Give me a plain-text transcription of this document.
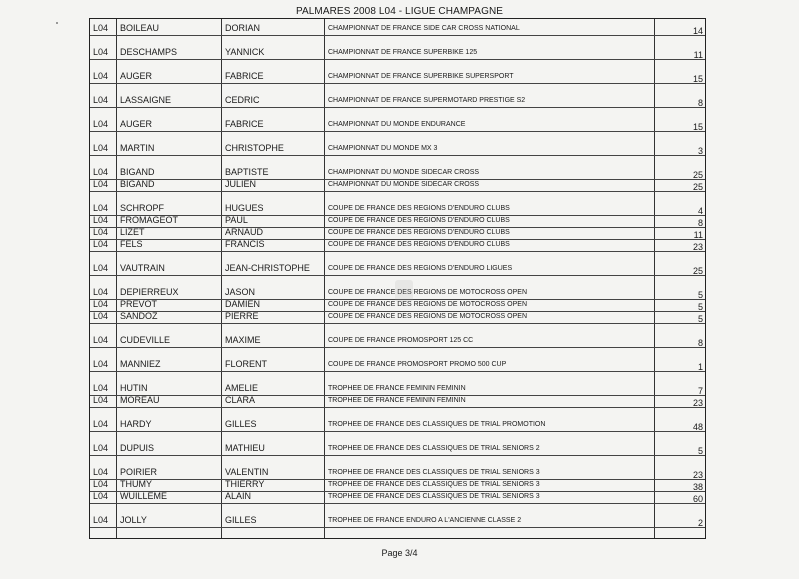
PALMARES 2008 L04 - LIGUE CHAMPAGNE
L04 BOILEAU	DORIAN	CHAMPIONNAT DE FRANCE SIDE CAR CROSS NATIONAL	14
L04 DESCHAMPS	YANNICK	CHAMPIONNAT DE FRANCE SUPERBIKE 125	11
L04 AUGER	FABRICE	CHAMPIONNAT DE FRANCE SUPERBIKE SUPERSPORT	15
L04 LASSAIGNE	CEDRIC	CHAMPIONNAT DE FRANCE SUPERMOTARD PRESTIGE S2	8
L04 AUGER	FABRICE	CHAMPIONNAT DU MONDE ENDURANCE	15
L04 MARTIN	CHRISTOPHE	CHAMPIONNAT DU MONDE MX 3	3
L04 BIGAND	BAPTISTE	CHAMPIONNAT DU MONDE SIDECAR CROSS	25
L04 BIGAND	JULIEN	CHAMPIONNAT DU MONDE SIDECAR CROSS	25
L04 SCHROPF	HUGUES	COUPE DE FRANCE DES REGIONS D'ENDURO CLUBS	4
L04 FROMAGEOT	PAUL	COUPE DE FRANCE DES REGIONS D'ENDURO CLUBS	8
L04 LIZET	ARNAUD	COUPE DE FRANCE DES REGIONS D'ENDURO CLUBS	11
L04 FELS	FRANCIS	COUPE DE FRANCE DES REGIONS D'ENDURO CLUBS	23
L04 VAUTRAIN	JEAN-CHRISTOPHE	COUPE DE FRANCE DES REGIONS D'ENDURO LIGUES	25
L04 DEPIERREUX	JASON	COUPE DE FRANCE DES REGIONS DE MOTOCROSS OPEN	5
L04 PREVOT	DAMIEN	COUPE DE FRANCE DES REGIONS DE MOTOCROSS OPEN	5
L04 SANDOZ	PIERRE	COUPE DE FRANCE DES REGIONS DE MOTOCROSS OPEN	5
L04 CUDEVILLE	MAXIME	COUPE DE FRANCE PROMOSPORT 125 CC	8
L04 MANNIEZ	FLORENT	COUPE DE FRANCE PROMOSPORT PROMO 500 CUP	1
L04 HUTIN	AMELIE	TROPHEE DE FRANCE FEMININ FEMININ	7
L04 MOREAU	CLARA	TROPHEE DE FRANCE FEMININ FEMININ	23
L04 HARDY	GILLES	TROPHEE DE FRANCE DES CLASSIQUES DE TRIAL PROMOTION	48
L04 DUPUIS	MATHIEU	TROPHEE DE FRANCE DES CLASSIQUES DE TRIAL SENIORS 2	5
L04 POIRIER	VALENTIN	TROPHEE DE FRANCE DES CLASSIQUES DE TRIAL SENIORS 3	23
L04 THUMY	THIERRY	TROPHEE DE FRANCE DES CLASSIQUES DE TRIAL SENIORS 3	38
L04 WUILLEME	ALAIN	TROPHEE DE FRANCE DES CLASSIQUES DE TRIAL SENIORS 3	60
L04 JOLLY	GILLES	TROPHEE DE FRANCE ENDURO A L'ANCIENNE CLASSE 2	2
Page 3/4
